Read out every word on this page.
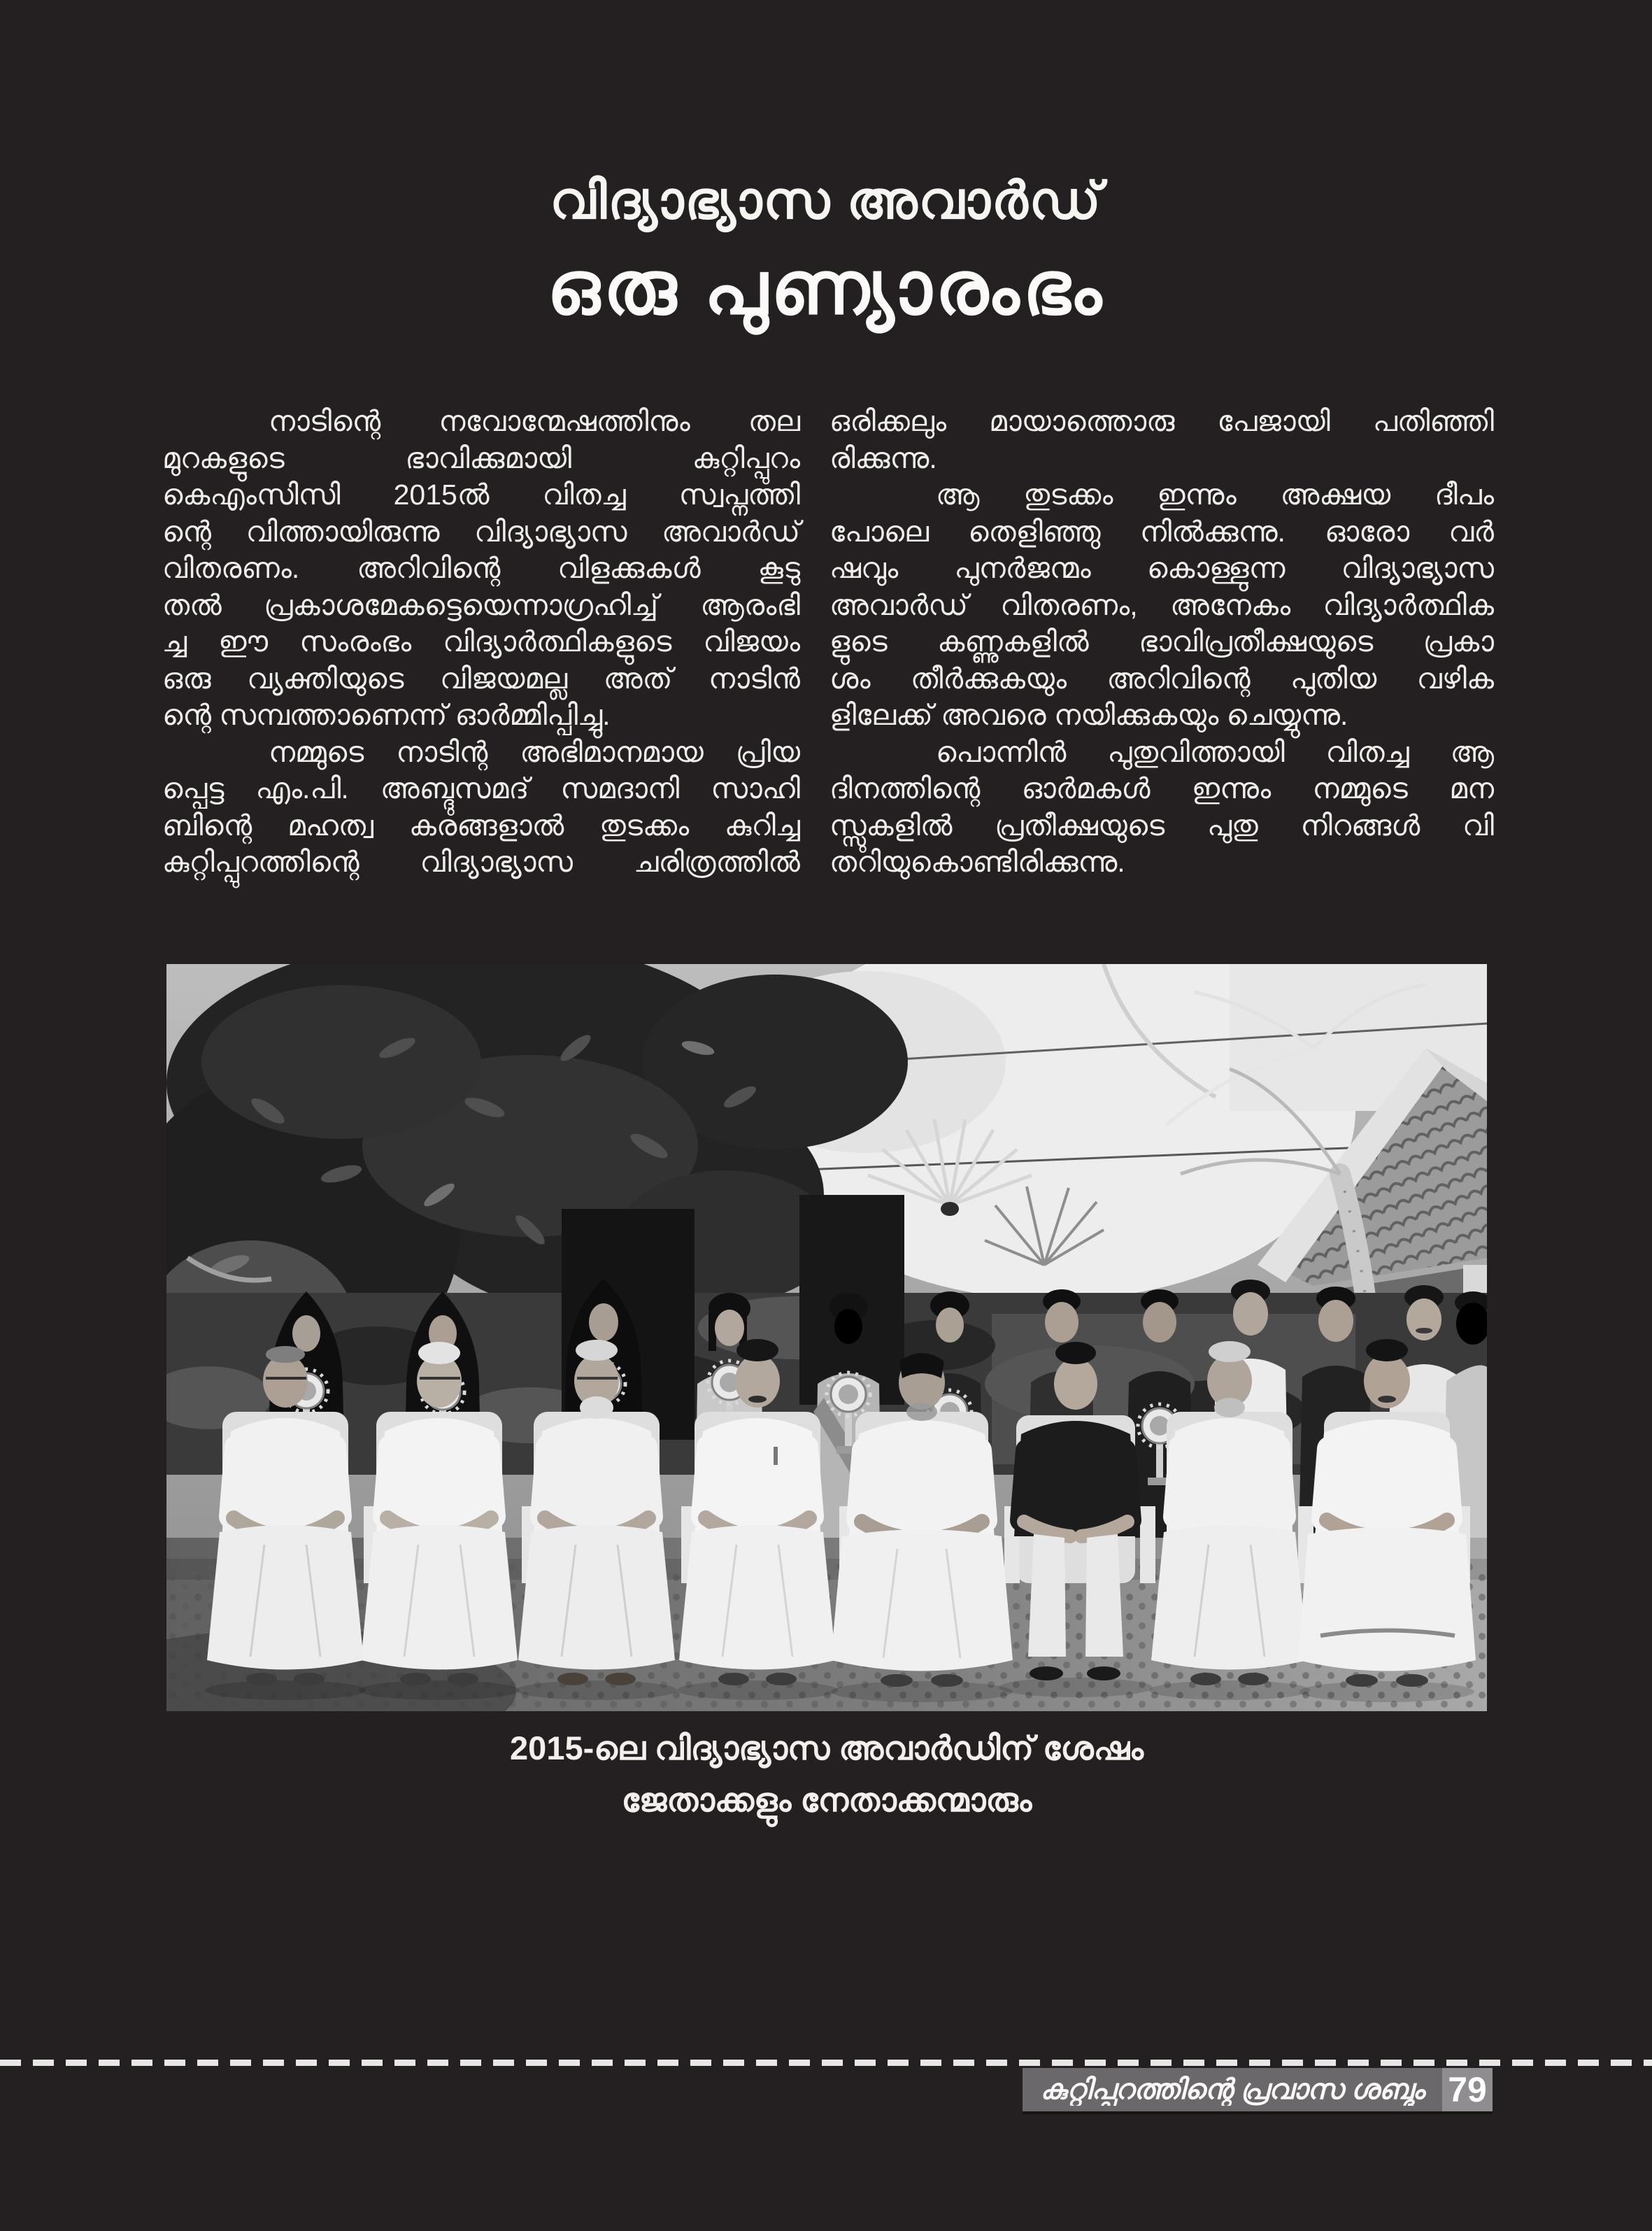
വിദ്യാഭ്യാസ അവാർഡ്
ഒരു പുണ്യാരംഭം
നാടിന്റെ നവോന്മേഷത്തിനും തല
മുറകളുടെ ഭാവിക്കുമായി കുറ്റിപ്പുറം
കെഎംസിസി 2015ൽ വിതച്ച സ്വപ്നത്തി
ന്റെ വിത്തായിരുന്നു വിദ്യാഭ്യാസ അവാർഡ്
വിതരണം. അറിവിന്റെ വിളക്കുകൾ കൂടു
തൽ പ്രകാശമേകട്ടെയെന്നാഗ്രഹിച്ച് ആരംഭി
ച്ച ഈ സംരംഭം വിദ്യാർത്ഥികളുടെ വിജയം
ഒരു വ്യക്തിയുടെ വിജയമല്ല അത് നാടിൻ
ന്റെ സമ്പത്താണെന്ന് ഓർമ്മിപ്പിച്ചു.
നമ്മുടെ നാടിന്റ അഭിമാനമായ പ്രിയ
പ്പെട്ട എം.പി. അബ്ദുസമദ് സമദാനി സാഹി
ബിന്റെ മഹത്വ കരങ്ങളാൽ തുടക്കം കുറിച്ച
കുറ്റിപ്പുറത്തിന്റെ വിദ്യാഭ്യാസ ചരിത്രത്തിൽ
ഒരിക്കലും മായാത്തൊരു പേജായി പതിഞ്ഞി
രിക്കുന്നു.
ആ തുടക്കം ഇന്നും അക്ഷയ ദീപം
പോലെ തെളിഞ്ഞു നിൽക്കുന്നു. ഓരോ വർ
ഷവും പുനർജന്മം കൊള്ളുന്ന വിദ്യാഭ്യാസ
അവാർഡ് വിതരണം, അനേകം വിദ്യാർത്ഥിക
ളുടെ കണ്ണുകളിൽ ഭാവിപ്രതീക്ഷയുടെ പ്രകാ
ശം തീർക്കുകയും അറിവിന്റെ പുതിയ വഴിക
ളിലേക്ക് അവരെ നയിക്കുകയും ചെയ്യുന്നു.
പൊന്നിൻ പുതുവിത്തായി വിതച്ച ആ
ദിനത്തിന്റെ ഓർമകൾ ഇന്നും നമ്മുടെ മന
സ്സുകളിൽ പ്രതീക്ഷയുടെ പുതു നിറങ്ങൾ വി
തറിയുകൊണ്ടിരിക്കുന്നു.
2015-ലെ വിദ്യാഭ്യാസ അവാർഡിന് ശേഷം
ജേതാക്കളും നേതാക്കന്മാരും
കുറ്റിപ്പുറത്തിന്റെ പ്രവാസ ശബ്ദം 79
